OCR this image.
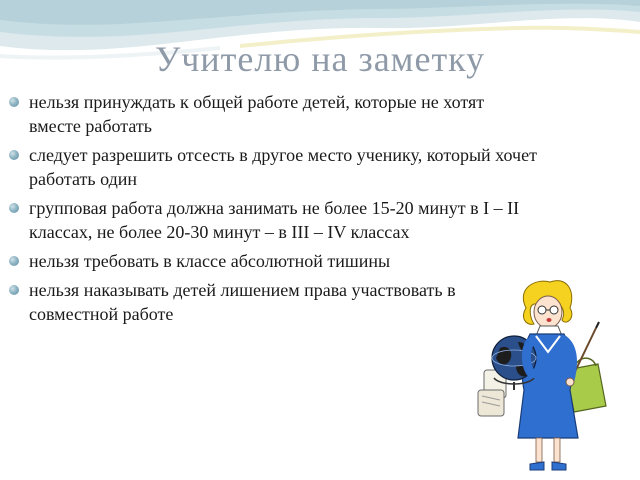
Учителю на заметку
нельзя принуждать к общей работе детей, которые не хотят вместе работать
следует разрешить отсесть в другое место ученику, который хочет работать один
групповая работа должна занимать не более 15-20 минут в I – II классах, не более 20-30 минут – в III – IV классах
нельзя требовать в классе абсолютной тишины
нельзя наказывать детей лишением права участвовать в совместной работе
